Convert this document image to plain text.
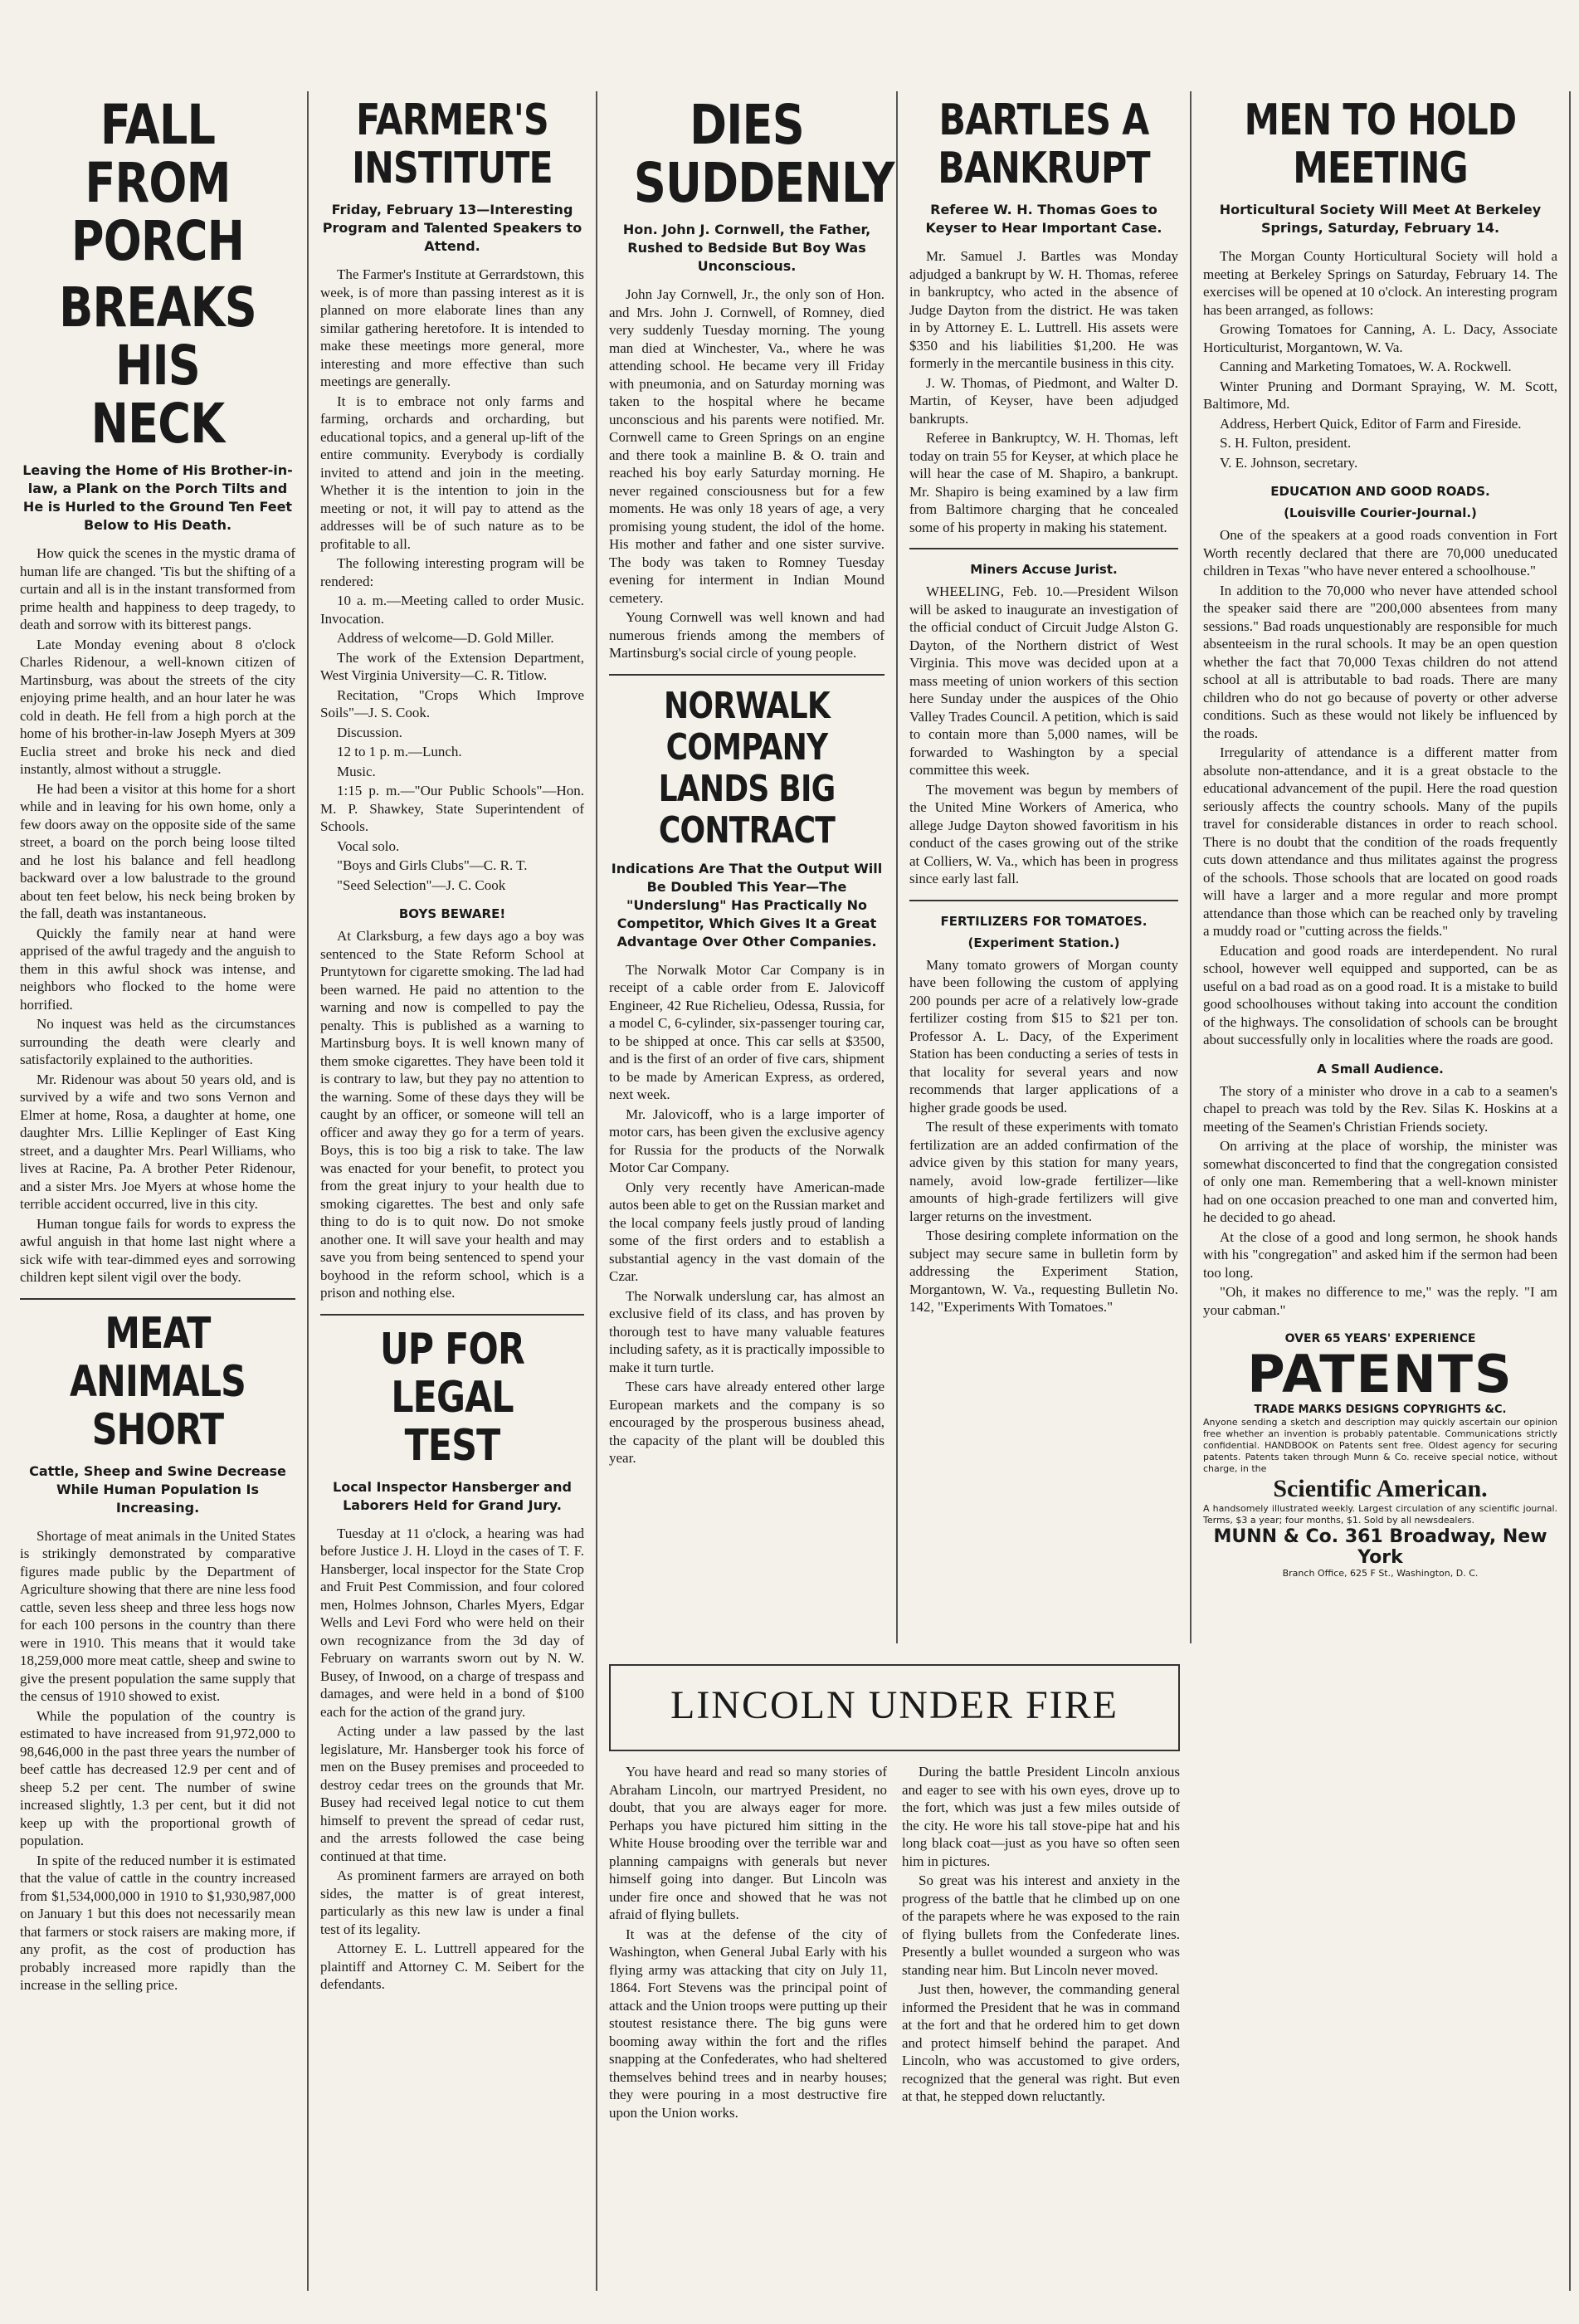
FALL FROM PORCH
BREAKS HIS NECK
Leaving the Home of His Brother-in-law, a Plank on the Porch Tilts and He is Hurled to the Ground Ten Feet Below to His Death.
How quick the scenes in the mystic drama of human life are changed. 'Tis but the shifting of a curtain and all is in the instant transformed from prime health and happiness to deep tragedy, to death and sorrow with its bitterest pangs.
Late Monday evening about 8 o'clock Charles Ridenour, a well-known citizen of Martinsburg, was about the streets of the city enjoying prime health, and an hour later he was cold in death. He fell from a high porch at the home of his brother-in-law Joseph Myers at 309 Euclia street and broke his neck and died instantly, almost without a struggle.
He had been a visitor at this home for a short while and in leaving for his own home, only a few doors away on the opposite side of the same street, a board on the porch being loose tilted and he lost his balance and fell headlong backward over a low balustrade to the ground about ten feet below, his neck being broken by the fall, death was instantaneous.
Quickly the family near at hand were apprised of the awful tragedy and the anguish to them in this awful shock was intense, and neighbors who flocked to the home were horrified.
No inquest was held as the circumstances surrounding the death were clearly and satisfactorily explained to the authorities.
Mr. Ridenour was about 50 years old, and is survived by a wife and two sons Vernon and Elmer at home, Rosa, a daughter at home, one daughter Mrs. Lillie Keplinger of East King street, and a daughter Mrs. Pearl Williams, who lives at Racine, Pa. A brother Peter Ridenour, and a sister Mrs. Joe Myers at whose home the terrible accident occurred, live in this city.
Human tongue fails for words to express the awful anguish in that home last night where a sick wife with tear-dimmed eyes and sorrowing children kept silent vigil over the body.
MEAT ANIMALS SHORT
Cattle, Sheep and Swine Decrease While Human Population Is Increasing.
Shortage of meat animals in the United States is strikingly demonstrated by comparative figures made public by the Department of Agriculture showing that there are nine less food cattle, seven less sheep and three less hogs now for each 100 persons in the country than there were in 1910. This means that it would take 18,259,000 more meat cattle, sheep and swine to give the present population the same supply that the census of 1910 showed to exist.
While the population of the country is estimated to have increased from 91,972,000 to 98,646,000 in the past three years the number of beef cattle has decreased 12.9 per cent and of sheep 5.2 per cent. The number of swine increased slightly, 1.3 per cent, but it did not keep up with the proportional growth of population.
In spite of the reduced number it is estimated that the value of cattle in the country increased from $1,534,000,000 in 1910 to $1,930,987,000 on January 1 but this does not necessarily mean that farmers or stock raisers are making more, if any profit, as the cost of production has probably increased more rapidly than the increase in the selling price.
FARMER'S INSTITUTE
Friday, February 13—Interesting Program and Talented Speakers to Attend.
The Farmer's Institute at Gerrardstown, this week, is of more than passing interest as it is planned on more elaborate lines than any similar gathering heretofore. It is intended to make these meetings more general, more interesting and more effective than such meetings are generally.
It is to embrace not only farms and farming, orchards and orcharding, but educational topics, and a general up-lift of the entire community. Everybody is cordially invited to attend and join in the meeting. Whether it is the intention to join in the meeting or not, it will pay to attend as the addresses will be of such nature as to be profitable to all.
The following interesting program will be rendered:
10 a. m.—Meeting called to order Music. Invocation.
Address of welcome—D. Gold Miller.
The work of the Extension Department, West Virginia University—C. R. Titlow.
Recitation, "Crops Which Improve Soils"—J. S. Cook.
Discussion.
12 to 1 p. m.—Lunch.
Music.
1:15 p. m.—"Our Public Schools"—Hon. M. P. Shawkey, State Superintendent of Schools.
Vocal solo.
"Boys and Girls Clubs"—C. R. T.
"Seed Selection"—J. C. Cook
BOYS BEWARE!
At Clarksburg, a few days ago a boy was sentenced to the State Reform School at Pruntytown for cigarette smoking. The lad had been warned. He paid no attention to the warning and now is compelled to pay the penalty. This is published as a warning to Martinsburg boys. It is well known many of them smoke cigarettes. They have been told it is contrary to law, but they pay no attention to the warning. Some of these days they will be caught by an officer, or someone will tell an officer and away they go for a term of years. Boys, this is too big a risk to take. The law was enacted for your benefit, to protect you from the great injury to your health due to smoking cigarettes. The best and only safe thing to do is to quit now. Do not smoke another one. It will save your health and may save you from being sentenced to spend your boyhood in the reform school, which is a prison and nothing else.
UP FOR LEGAL TEST
Local Inspector Hansberger and Laborers Held for Grand Jury.
Tuesday at 11 o'clock, a hearing was had before Justice J. H. Lloyd in the cases of T. F. Hansberger, local inspector for the State Crop and Fruit Pest Commission, and four colored men, Holmes Johnson, Charles Myers, Edgar Wells and Levi Ford who were held on their own recognizance from the 3d day of February on warrants sworn out by N. W. Busey, of Inwood, on a charge of trespass and damages, and were held in a bond of $100 each for the action of the grand jury.
Acting under a law passed by the last legislature, Mr. Hansberger took his force of men on the Busey premises and proceeded to destroy cedar trees on the grounds that Mr. Busey had received legal notice to cut them himself to prevent the spread of cedar rust, and the arrests followed the case being continued at that time.
As prominent farmers are arrayed on both sides, the matter is of great interest, particularly as this new law is under a final test of its legality.
Attorney E. L. Luttrell appeared for the plaintiff and Attorney C. M. Seibert for the defendants.
DIES SUDDENLY
Hon. John J. Cornwell, the Father, Rushed to Bedside But Boy Was Unconscious.
John Jay Cornwell, Jr., the only son of Hon. and Mrs. John J. Cornwell, of Romney, died very suddenly Tuesday morning. The young man died at Winchester, Va., where he was attending school. He became very ill Friday with pneumonia, and on Saturday morning was taken to the hospital where he became unconscious and his parents were notified. Mr. Cornwell came to Green Springs on an engine and there took a mainline B. & O. train and reached his boy early Saturday morning. He never regained consciousness but for a few moments. He was only 18 years of age, a very promising young student, the idol of the home. His mother and father and one sister survive. The body was taken to Romney Tuesday evening for interment in Indian Mound cemetery.
Young Cornwell was well known and had numerous friends among the members of Martinsburg's social circle of young people.
NORWALK COMPANY LANDS BIG CONTRACT
Indications Are That the Output Will Be Doubled This Year—The "Underslung" Has Practically No Competitor, Which Gives It a Great Advantage Over Other Companies.
The Norwalk Motor Car Company is in receipt of a cable order from E. Jalovicoff Engineer, 42 Rue Richelieu, Odessa, Russia, for a model C, 6-cylinder, six-passenger touring car, to be shipped at once. This car sells at $3500, and is the first of an order of five cars, shipment to be made by American Express, as ordered, next week.
Mr. Jalovicoff, who is a large importer of motor cars, has been given the exclusive agency for Russia for the products of the Norwalk Motor Car Company.
Only very recently have American-made autos been able to get on the Russian market and the local company feels justly proud of landing some of the first orders and to establish a substantial agency in the vast domain of the Czar.
The Norwalk underslung car, has almost an exclusive field of its class, and has proven by thorough test to have many valuable features including safety, as it is practically impossible to make it turn turtle.
These cars have already entered other large European markets and the company is so encouraged by the prosperous business ahead, the capacity of the plant will be doubled this year.
BARTLES A BANKRUPT
Referee W. H. Thomas Goes to Keyser to Hear Important Case.
Mr. Samuel J. Bartles was Monday adjudged a bankrupt by W. H. Thomas, referee in bankruptcy, who acted in the absence of Judge Dayton from the district. He was taken in by Attorney E. L. Luttrell. His assets were $350 and his liabilities $1,200. He was formerly in the mercantile business in this city.
J. W. Thomas, of Piedmont, and Walter D. Martin, of Keyser, have been adjudged bankrupts.
Referee in Bankruptcy, W. H. Thomas, left today on train 55 for Keyser, at which place he will hear the case of M. Shapiro, a bankrupt. Mr. Shapiro is being examined by a law firm from Baltimore charging that he concealed some of his property in making his statement.
Miners Accuse Jurist.
WHEELING, Feb. 10.—President Wilson will be asked to inaugurate an investigation of the official conduct of Circuit Judge Alston G. Dayton, of the Northern district of West Virginia. This move was decided upon at a mass meeting of union workers of this section here Sunday under the auspices of the Ohio Valley Trades Council. A petition, which is said to contain more than 5,000 names, will be forwarded to Washington by a special committee this week.
The movement was begun by members of the United Mine Workers of America, who allege Judge Dayton showed favoritism in his conduct of the cases growing out of the strike at Colliers, W. Va., which has been in progress since early last fall.
FERTILIZERS FOR TOMATOES.
(Experiment Station.)
Many tomato growers of Morgan county have been following the custom of applying 200 pounds per acre of a relatively low-grade fertilizer costing from $15 to $21 per ton. Professor A. L. Dacy, of the Experiment Station has been conducting a series of tests in that locality for several years and now recommends that larger applications of a higher grade goods be used.
The result of these experiments with tomato fertilization are an added confirmation of the advice given by this station for many years, namely, avoid low-grade fertilizer—like amounts of high-grade fertilizers will give larger returns on the investment.
Those desiring complete information on the subject may secure same in bulletin form by addressing the Experiment Station, Morgantown, W. Va., requesting Bulletin No. 142, "Experiments With Tomatoes."
MEN TO HOLD MEETING
Horticultural Society Will Meet At Berkeley Springs, Saturday, February 14.
The Morgan County Horticultural Society will hold a meeting at Berkeley Springs on Saturday, February 14. The exercises will be opened at 10 o'clock. An interesting program has been arranged, as follows:
Growing Tomatoes for Canning, A. L. Dacy, Associate Horticulturist, Morgantown, W. Va.
Canning and Marketing Tomatoes, W. A. Rockwell.
Winter Pruning and Dormant Spraying, W. M. Scott, Baltimore, Md.
Address, Herbert Quick, Editor of Farm and Fireside.
S. H. Fulton, president.
V. E. Johnson, secretary.
EDUCATION AND GOOD ROADS.
(Louisville Courier-Journal.)
One of the speakers at a good roads convention in Fort Worth recently declared that there are 70,000 uneducated children in Texas "who have never entered a schoolhouse."
In addition to the 70,000 who never have attended school the speaker said there are "200,000 absentees from many sessions." Bad roads unquestionably are responsible for much absenteeism in the rural schools. It may be an open question whether the fact that 70,000 Texas children do not attend school at all is attributable to bad roads. There are many children who do not go because of poverty or other adverse conditions. Such as these would not likely be influenced by the roads.
Irregularity of attendance is a different matter from absolute non-attendance, and it is a great obstacle to the educational advancement of the pupil. Here the road question seriously affects the country schools. Many of the pupils travel for considerable distances in order to reach school. There is no doubt that the condition of the roads frequently cuts down attendance and thus militates against the progress of the schools. Those schools that are located on good roads will have a larger and a more regular and more prompt attendance than those which can be reached only by traveling a muddy road or "cutting across the fields."
Education and good roads are interdependent. No rural school, however well equipped and supported, can be as useful on a bad road as on a good road. It is a mistake to build good schoolhouses without taking into account the condition of the highways. The consolidation of schools can be brought about successfully only in localities where the roads are good.
A Small Audience.
The story of a minister who drove in a cab to a seamen's chapel to preach was told by the Rev. Silas K. Hoskins at a meeting of the Seamen's Christian Friends society.
On arriving at the place of worship, the minister was somewhat disconcerted to find that the congregation consisted of only one man. Remembering that a well-known minister had on one occasion preached to one man and converted him, he decided to go ahead.
At the close of a good and long sermon, he shook hands with his "congregation" and asked him if the sermon had been too long.
"Oh, it makes no difference to me," was the reply. "I am your cabman."
OVER 65 YEARS' EXPERIENCE
PATENTS
TRADE MARKS DESIGNS COPYRIGHTS &C.
Anyone sending a sketch and description may quickly ascertain our opinion free whether an invention is probably patentable. Communications strictly confidential. HANDBOOK on Patents sent free. Oldest agency for securing patents. Patents taken through Munn & Co. receive special notice, without charge, in the
Scientific American.
A handsomely illustrated weekly. Largest circulation of any scientific journal. Terms, $3 a year; four months, $1. Sold by all newsdealers.
MUNN & Co. 361 Broadway, New York
Branch Office, 625 F St., Washington, D. C.
LINCOLN UNDER FIRE
You have heard and read so many stories of Abraham Lincoln, our martryed President, no doubt, that you are always eager for more. Perhaps you have pictured him sitting in the White House brooding over the terrible war and planning campaigns with generals but never himself going into danger. But Lincoln was under fire once and showed that he was not afraid of flying bullets.
It was at the defense of the city of Washington, when General Jubal Early with his flying army was attacking that city on July 11, 1864. Fort Stevens was the principal point of attack and the Union troops were putting up their stoutest resistance there. The big guns were booming away within the fort and the rifles snapping at the Confederates, who had sheltered themselves behind trees and in nearby houses; they were pouring in a most destructive fire upon the Union works.
During the battle President Lincoln anxious and eager to see with his own eyes, drove up to the fort, which was just a few miles outside of the city. He wore his tall stove-pipe hat and his long black coat—just as you have so often seen him in pictures.
So great was his interest and anxiety in the progress of the battle that he climbed up on one of the parapets where he was exposed to the rain of flying bullets from the Confederate lines. Presently a bullet wounded a surgeon who was standing near him. But Lincoln never moved.
Just then, however, the commanding general informed the President that he was in command at the fort and that he ordered him to get down and protect himself behind the parapet. And Lincoln, who was accustomed to give orders, recognized that the general was right. But even at that, he stepped down reluctantly.
